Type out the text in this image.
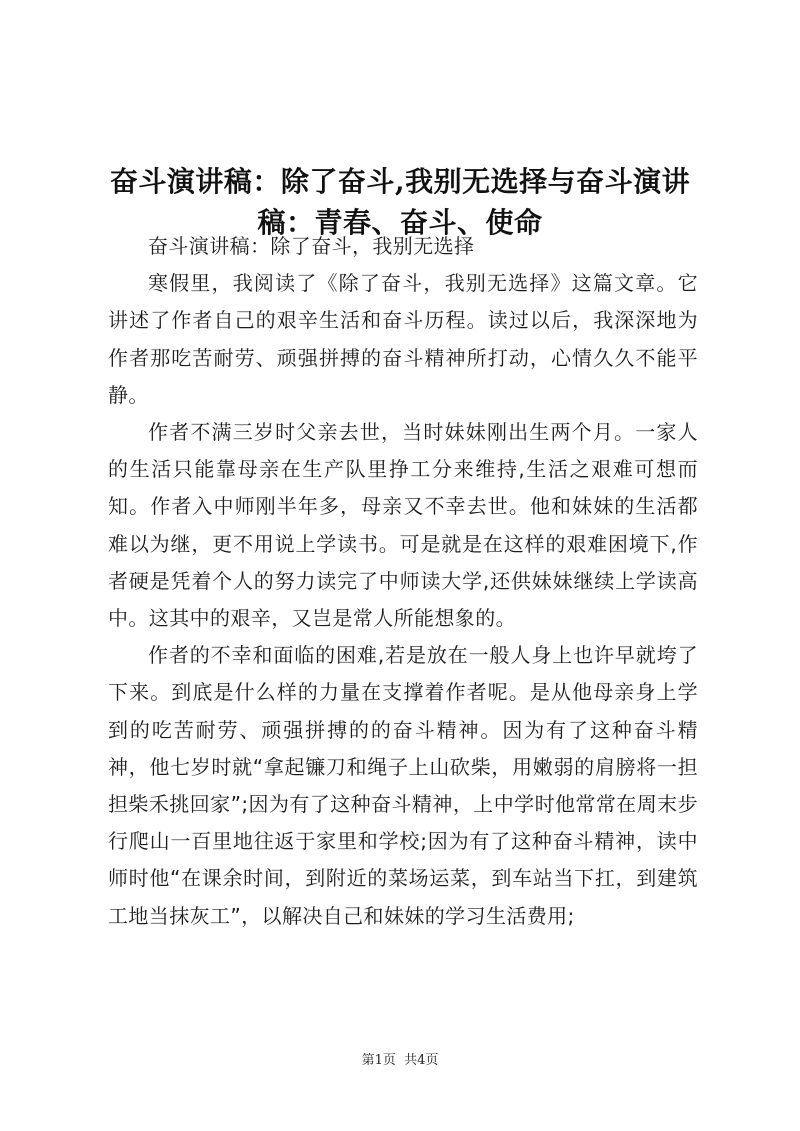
奋斗演讲稿：除了奋斗,我别无选择与奋斗演讲稿：青春、奋斗、使命

奋斗演讲稿：除了奋斗，我别无选择

寒假里，我阅读了《除了奋斗，我别无选择》这篇文章。它讲述了作者自己的艰辛生活和奋斗历程。读过以后，我深深地为作者那吃苦耐劳、顽强拼搏的奋斗精神所打动，心情久久不能平静。

作者不满三岁时父亲去世，当时妹妹刚出生两个月。一家人的生活只能靠母亲在生产队里挣工分来维持,生活之艰难可想而知。作者入中师刚半年多，母亲又不幸去世。他和妹妹的生活都难以为继，更不用说上学读书。可是就是在这样的艰难困境下,作者硬是凭着个人的努力读完了中师读大学,还供妹妹继续上学读高中。这其中的艰辛，又岂是常人所能想象的。

作者的不幸和面临的困难,若是放在一般人身上也许早就垮了下来。到底是什么样的力量在支撑着作者呢。是从他母亲身上学到的吃苦耐劳、顽强拼搏的的奋斗精神。因为有了这种奋斗精神，他七岁时就“拿起镰刀和绳子上山砍柴，用嫩弱的肩膀将一担担柴禾挑回家”;因为有了这种奋斗精神，上中学时他常常在周末步行爬山一百里地往返于家里和学校;因为有了这种奋斗精神，读中师时他“在课余时间，到附近的菜场运菜，到车站当下扛，到建筑工地当抹灰工”，以解决自己和妹妹的学习生活费用;

第1页  共4页
